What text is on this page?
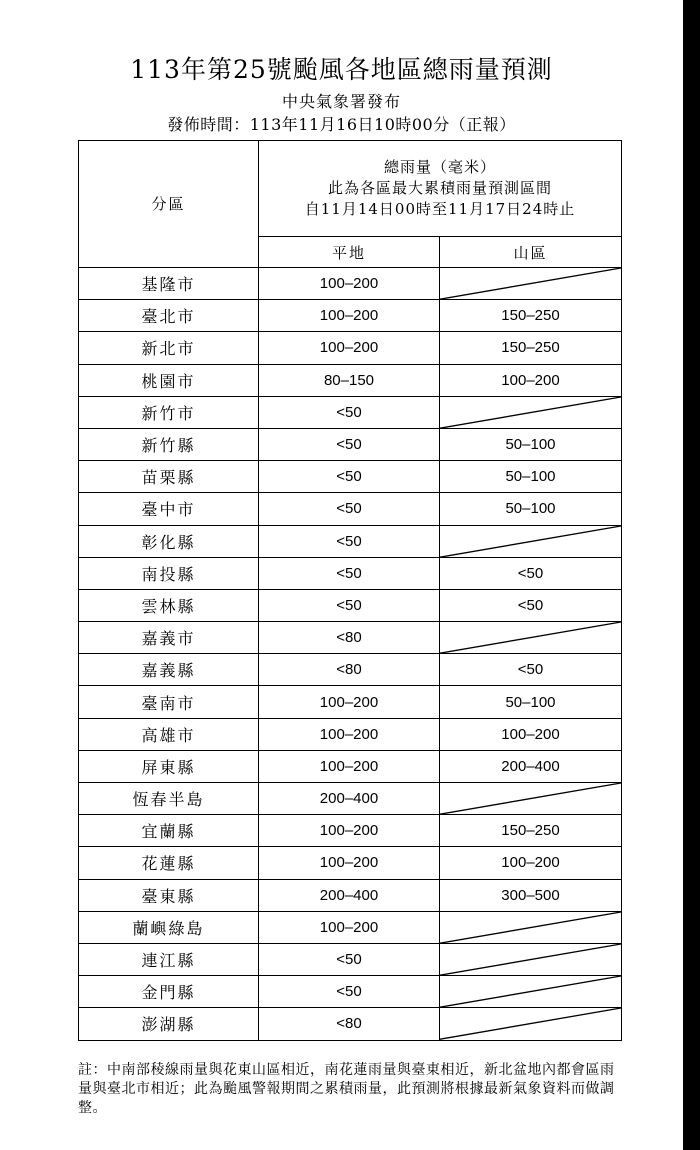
113年第25號颱風各地區總雨量預測
中央氣象署發布
發佈時間：113年11月16日10時00分（正報）
分區	總雨量（毫米）
此為各區最大累積雨量預測區間
自11月14日00時至11月17日24時止	

	平地	山區
基隆市	100–200	

臺北市	100–200	150–250
新北市	100–200	150–250
桃園市	80–150	100–200
新竹市	<50	

新竹縣	<50	50–100
苗栗縣	<50	50–100
臺中市	<50	50–100
彰化縣	<50	

南投縣	<50	<50
雲林縣	<50	<50
嘉義市	<80	

嘉義縣	<80	<50
臺南市	100–200	50–100
高雄市	100–200	100–200
屏東縣	100–200	200–400
恆春半島	200–400	

宜蘭縣	100–200	150–250
花蓮縣	100–200	100–200
臺東縣	200–400	300–500
蘭嶼綠島	100–200	

連江縣	<50	

金門縣	<50	

澎湖縣	<80	
註：中南部稜線雨量與花東山區相近，南花蓮雨量與臺東相近，新北盆地內都會區雨量與臺北市相近；此為颱風警報期間之累積雨量，此預測將根據最新氣象資料而做調整。
